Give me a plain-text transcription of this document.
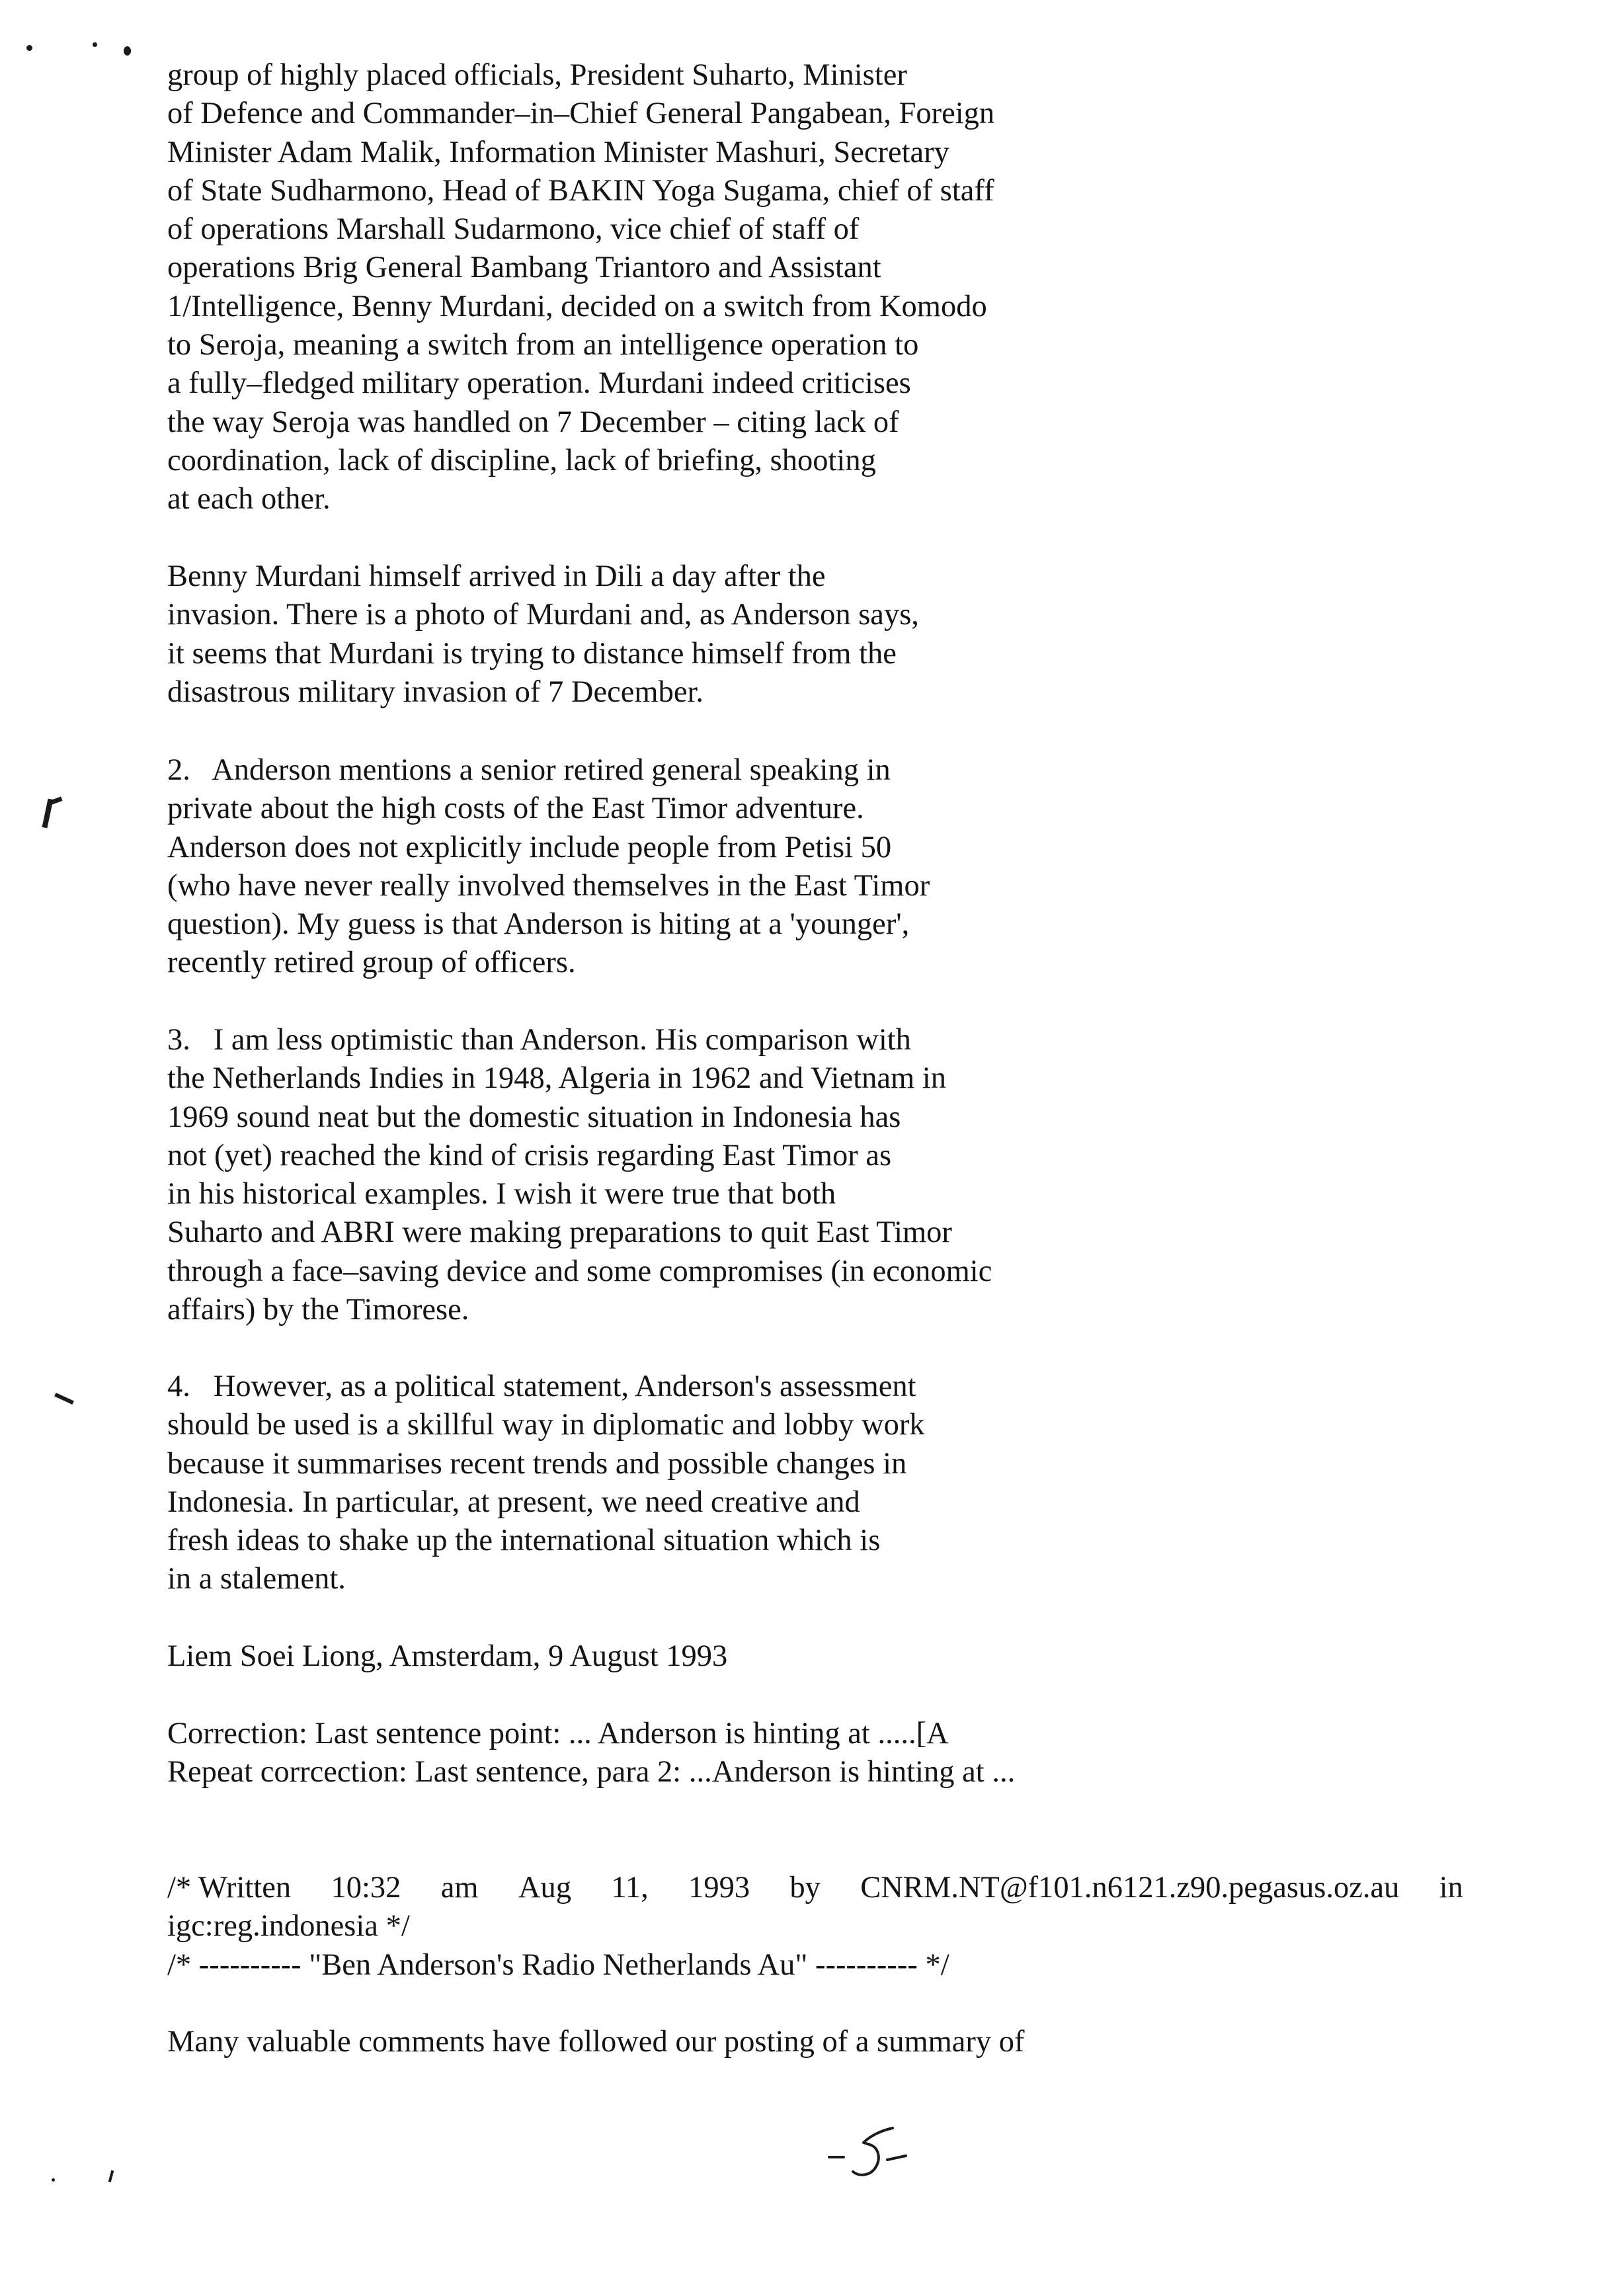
group of highly placed officials, President Suharto, Minister
of Defence and Commander–in–Chief General Pangabean, Foreign
Minister Adam Malik, Information Minister Mashuri, Secretary
of State Sudharmono, Head of BAKIN Yoga Sugama, chief of staff
of operations Marshall Sudarmono, vice chief of staff of
operations Brig General Bambang Triantoro and Assistant
1/Intelligence, Benny Murdani, decided on a switch from Komodo
to Seroja, meaning a switch from an intelligence operation to
a fully–fledged military operation. Murdani indeed criticises
the way Seroja was handled on 7 December – citing lack of
coordination, lack of discipline, lack of briefing, shooting
at each other.
Benny Murdani himself arrived in Dili a day after the
invasion. There is a photo of Murdani and, as Anderson says,
it seems that Murdani is trying to distance himself from the
disastrous military invasion of 7 December.
2.   Anderson mentions a senior retired general speaking in
private about the high costs of the East Timor adventure.
Anderson does not explicitly include people from Petisi 50
(who have never really involved themselves in the East Timor
question). My guess is that Anderson is hiting at a 'younger',
recently retired group of officers.
3.   I am less optimistic than Anderson. His comparison with
the Netherlands Indies in 1948, Algeria in 1962 and Vietnam in
1969 sound neat but the domestic situation in Indonesia has
not (yet) reached the kind of crisis regarding East Timor as
in his historical examples. I wish it were true that both
Suharto and ABRI were making preparations to quit East Timor
through a face–saving device and some compromises (in economic
affairs) by the Timorese.
4.   However, as a political statement, Anderson's assessment
should be used is a skillful way in diplomatic and lobby work
because it summarises recent trends and possible changes in
Indonesia. In particular, at present, we need creative and
fresh ideas to shake up the international situation which is
in a stalement.
Liem Soei Liong, Amsterdam, 9 August 1993
Correction: Last sentence point: ... Anderson is hinting at .....[A
Repeat corrcection: Last sentence, para 2: ...Anderson is hinting at ...
/* Written 10:32 am Aug 11, 1993 by CNRM.NT@f101.n6121.z90.pegasus.oz.au in
igc:reg.indonesia */
/* ---------- "Ben Anderson's Radio Netherlands Au" ---------- */
Many valuable comments have followed our posting of a summary of
